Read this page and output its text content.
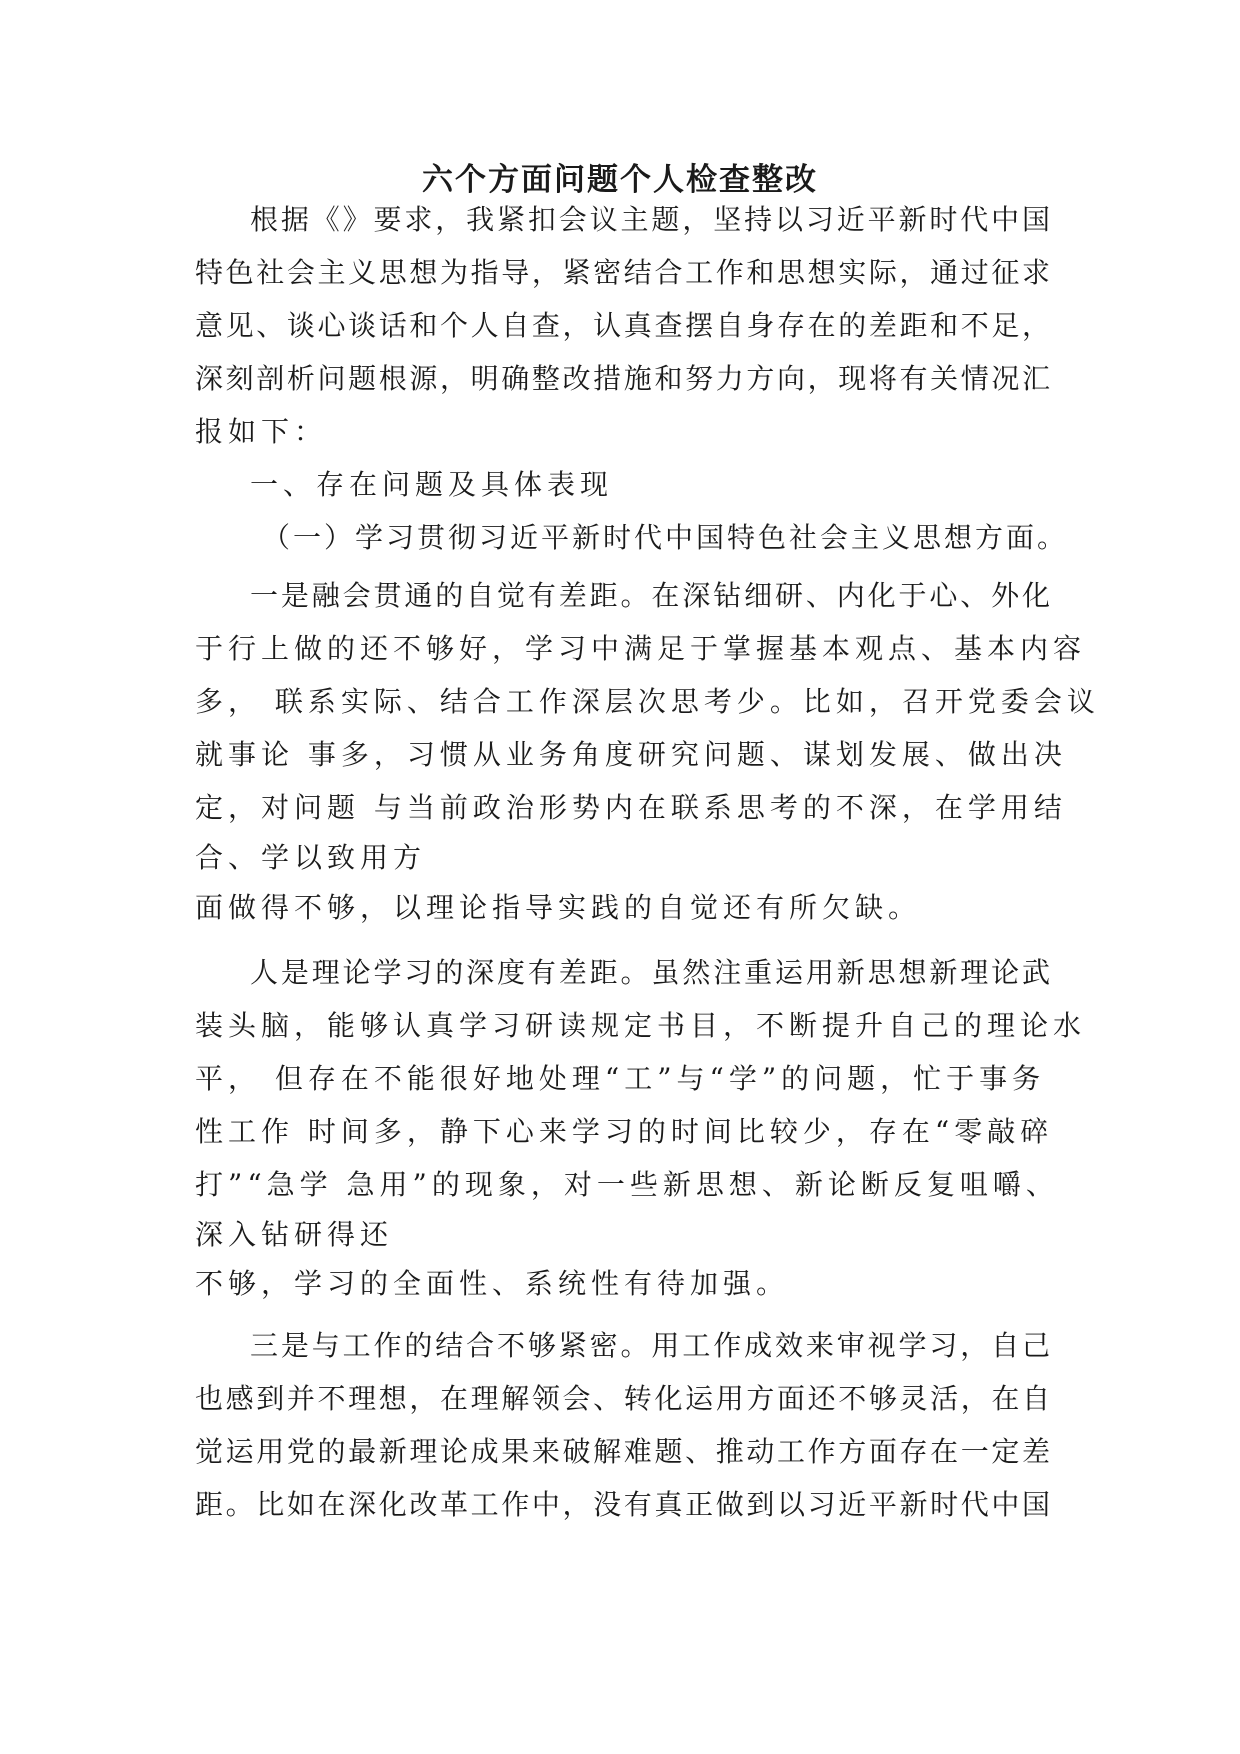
六个方面问题个人检查整改
根据《》要求，我紧扣会议主题，坚持以习近平新时代中国
特色社会主义思想为指导，紧密结合工作和思想实际，通过征求
意见、谈心谈话和个人自查，认真查摆自身存在的差距和不足，
深刻剖析问题根源，明确整改措施和努力方向，现将有关情况汇
报如下：
一、存在问题及具体表现
（一）学习贯彻习近平新时代中国特色社会主义思想方面。
一是融会贯通的自觉有差距。在深钻细研、内化于心、外化
于行上做的还不够好，学习中满足于掌握基本观点、基本内容
多， 联系实际、结合工作深层次思考少。比如，召开党委会议
就事论 事多，习惯从业务角度研究问题、谋划发展、做出决
定，对问题 与当前政治形势内在联系思考的不深，在学用结
合、学以致用方
面做得不够，以理论指导实践的自觉还有所欠缺。
人是理论学习的深度有差距。虽然注重运用新思想新理论武
装头脑，能够认真学习研读规定书目，不断提升自己的理论水
平， 但存在不能很好地处理“工”与“学”的问题，忙于事务
性工作 时间多，静下心来学习的时间比较少，存在“零敲碎
打”“急学 急用”的现象，对一些新思想、新论断反复咀嚼、
深入钻研得还
不够，学习的全面性、系统性有待加强。
三是与工作的结合不够紧密。用工作成效来审视学习，自己
也感到并不理想，在理解领会、转化运用方面还不够灵活，在自
觉运用党的最新理论成果来破解难题、推动工作方面存在一定差
距。比如在深化改革工作中，没有真正做到以习近平新时代中国
